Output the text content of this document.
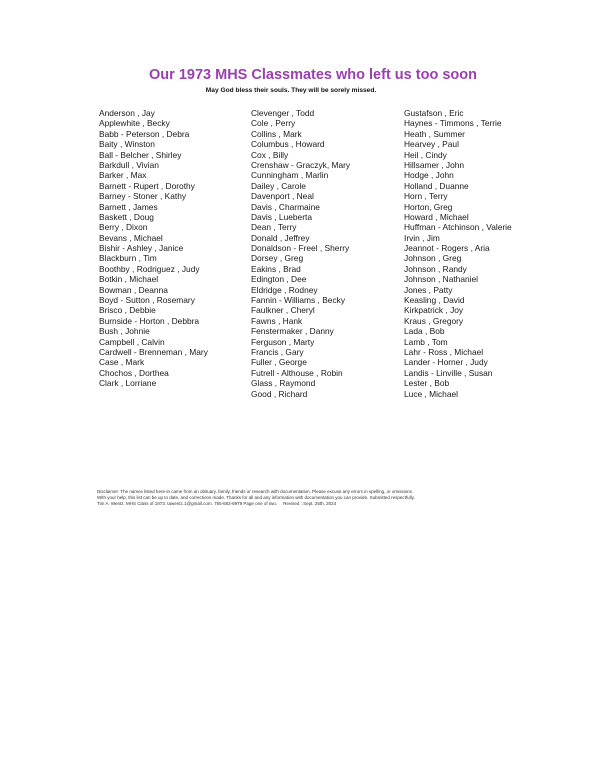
Our 1973 MHS Classmates who left us too soon
May God bless their souls. They will be sorely missed.
Anderson , Jay
Applewhite , Becky
Babb - Peterson , Debra
Baity , Winston
Ball - Belcher , Shirley
Barkdull , Vivian
Barker , Max
Barnett - Rupert , Dorothy
Barney - Stoner , Kathy
Barnett , James
Baskett , Doug
Berry , Dixon
Bevans , Michael
Bishir - Ashley , Janice
Blackburn , Tim
Boothby , Rodriguez , Judy
Botkin , Michael
Bowman , Deanna
Boyd - Sutton , Rosemary
Brisco , Debbie
Burnside - Horton , Debbra
Bush , Johnie
Campbell , Calvin
Cardwell - Brenneman , Mary
Case , Mark
Chochos , Dorthea
Clark , Lorriane
Clevenger , Todd
Cole , Perry
Collins , Mark
Columbus , Howard
Cox , Billy
Crenshaw - Graczyk, Mary
Cunningham , Marlin
Dailey , Carole
Davenport , Neal
Davis , Charmaine
Davis , Lueberta
Dean , Terry
Donald , Jeffrey
Donaldson - Freel , Sherry
Dorsey , Greg
Eakins , Brad
Edington , Dee
Eldridge , Rodney
Fannin - Williams , Becky
Faulkner , Cheryl
Fawns , Hank
Fenstermaker , Danny
Ferguson , Marty
Francis , Gary
Fuller , George
Futrell - Althouse , Robin
Glass , Raymond
Good , Richard
Gustafson , Eric
Haynes - Timmons , Terrie
Heath , Summer
Hearvey , Paul
Heil , Cindy
Hillsamer , John
Hodge , John
Holland , Duanne
Horn , Terry
Horton, Greg
Howard , Michael
Huffman - Atchinson , Valerie
Irvin , Jim
Jeannot - Rogers , Aria
Johnson , Greg
Johnson , Randy
Johnson , Nathaniel
Jones , Patty
Keasling , David
Kirkpatrick , Joy
Kraus , Gregory
Lada , Bob
Lamb , Tom
Lahr - Ross , Michael
Lander - Horner , Judy
Landis - Linville , Susan
Lester , Bob
Luce , Michael

Disclaimer: The names listed here-in came from an obituary, family, friends or research with documentation. Please excuse any errors in spelling, or omissions.

With your help, this list can be up to date, and corrections made. Thanks for all and any information with documentation you can provide. Submitted respectfully,

Tim A. Wentz. MHS Class of 1973. tawentz.1@gmail.com. 765-683-8979 Page one of two. Revised : Sept. 25th, 2024
